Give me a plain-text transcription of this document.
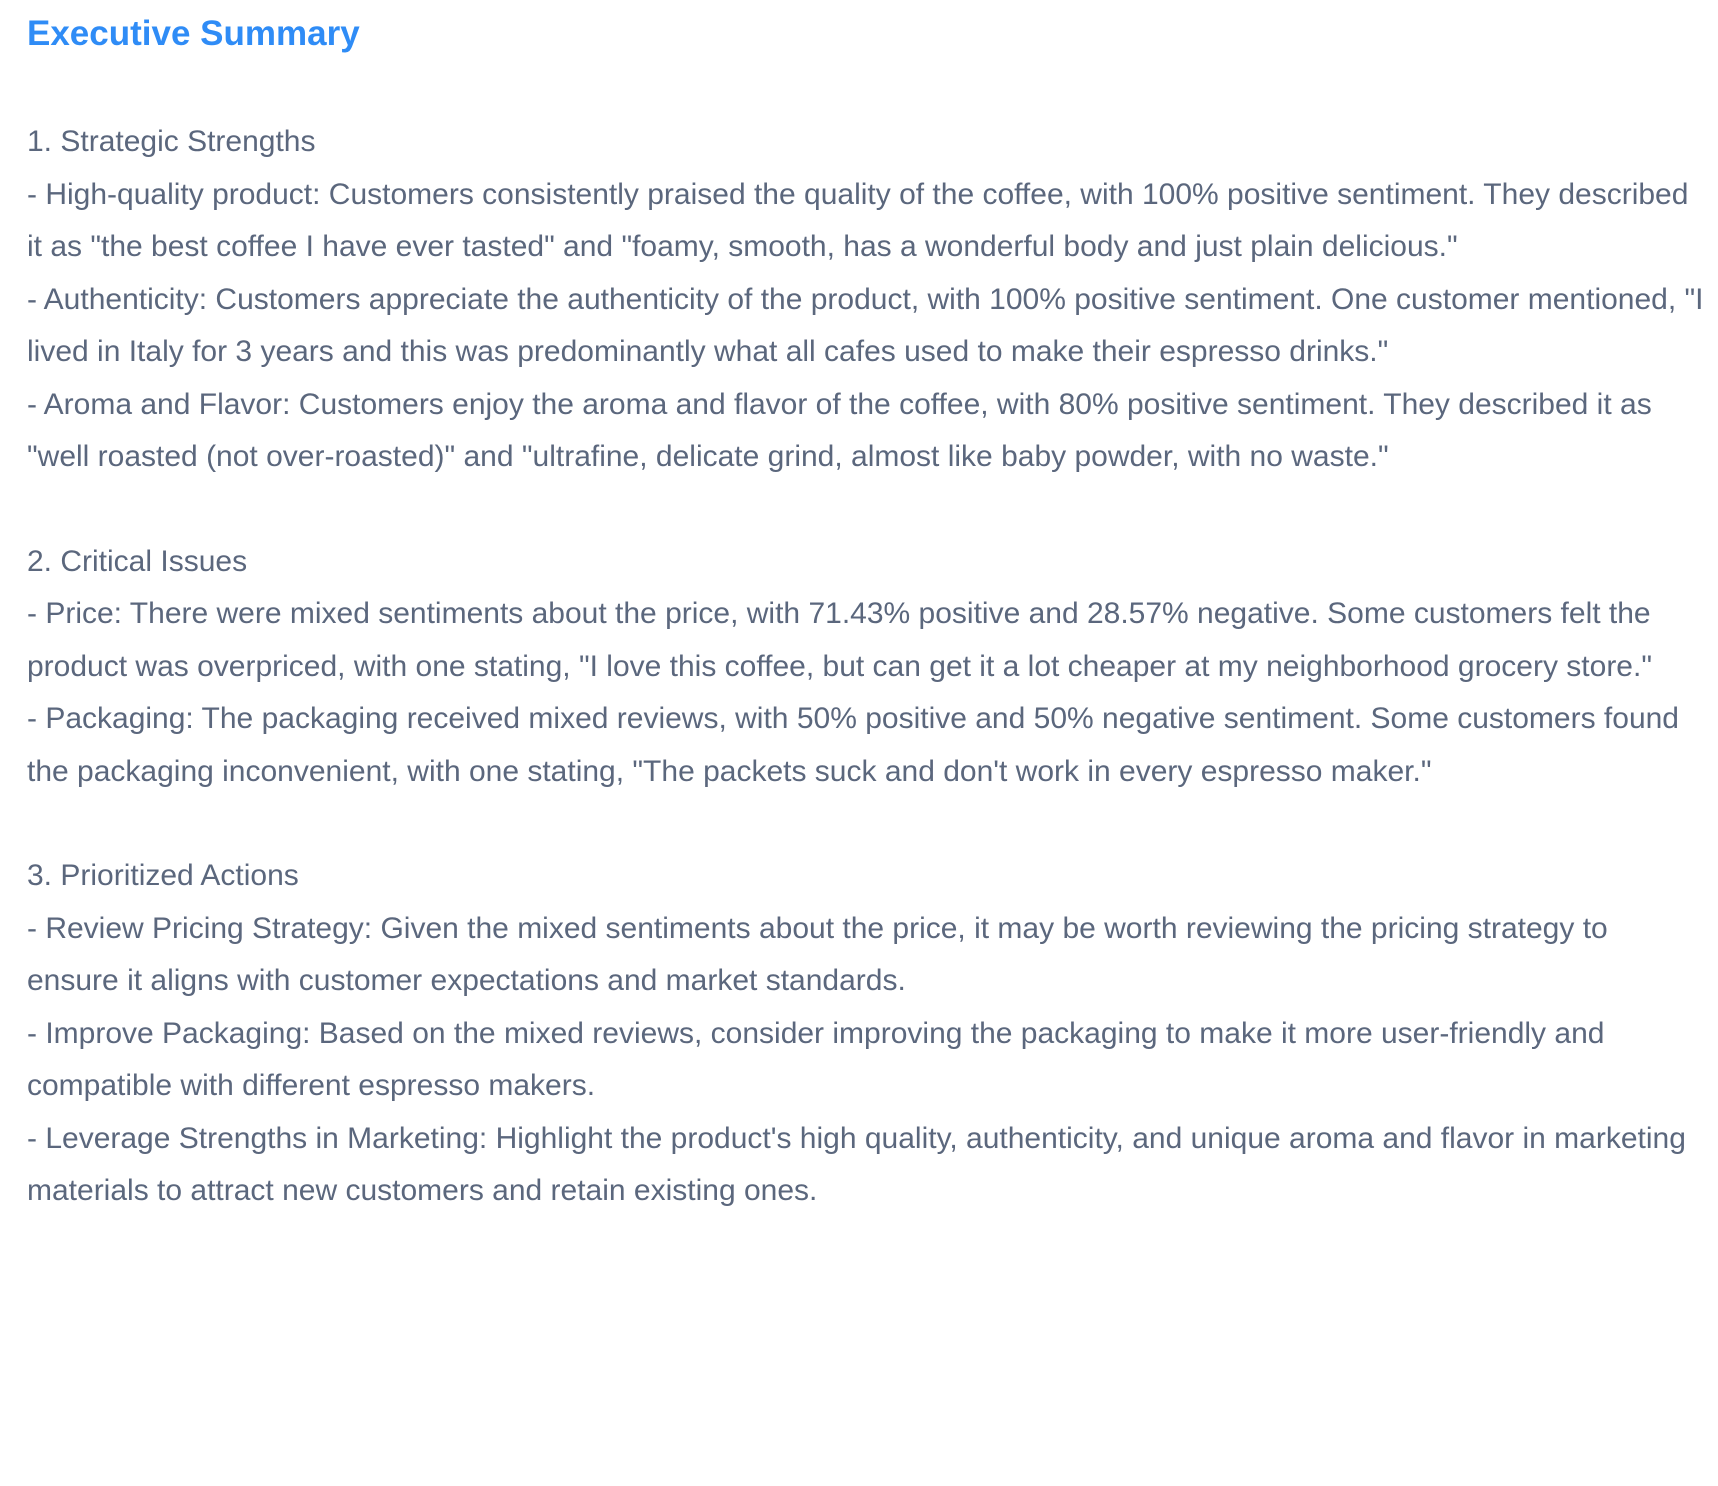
Executive Summary

1. Strategic Strengths

- High-quality product: Customers consistently praised the quality of the coffee, with 100% positive sentiment. They described it as "the best coffee I have ever tasted" and "foamy, smooth, has a wonderful body and just plain delicious."

- Authenticity: Customers appreciate the authenticity of the product, with 100% positive sentiment. One customer mentioned, "I lived in Italy for 3 years and this was predominantly what all cafes used to make their espresso drinks."

- Aroma and Flavor: Customers enjoy the aroma and flavor of the coffee, with 80% positive sentiment. They described it as "well roasted (not over-roasted)" and "ultrafine, delicate grind, almost like baby powder, with no waste."

2. Critical Issues

- Price: There were mixed sentiments about the price, with 71.43% positive and 28.57% negative. Some customers felt the product was overpriced, with one stating, "I love this coffee, but can get it a lot cheaper at my neighborhood grocery store."

- Packaging: The packaging received mixed reviews, with 50% positive and 50% negative sentiment. Some customers found the packaging inconvenient, with one stating, "The packets suck and don't work in every espresso maker."

3. Prioritized Actions

- Review Pricing Strategy: Given the mixed sentiments about the price, it may be worth reviewing the pricing strategy to ensure it aligns with customer expectations and market standards.

- Improve Packaging: Based on the mixed reviews, consider improving the packaging to make it more user-friendly and compatible with different espresso makers.

- Leverage Strengths in Marketing: Highlight the product's high quality, authenticity, and unique aroma and flavor in marketing materials to attract new customers and retain existing ones.
